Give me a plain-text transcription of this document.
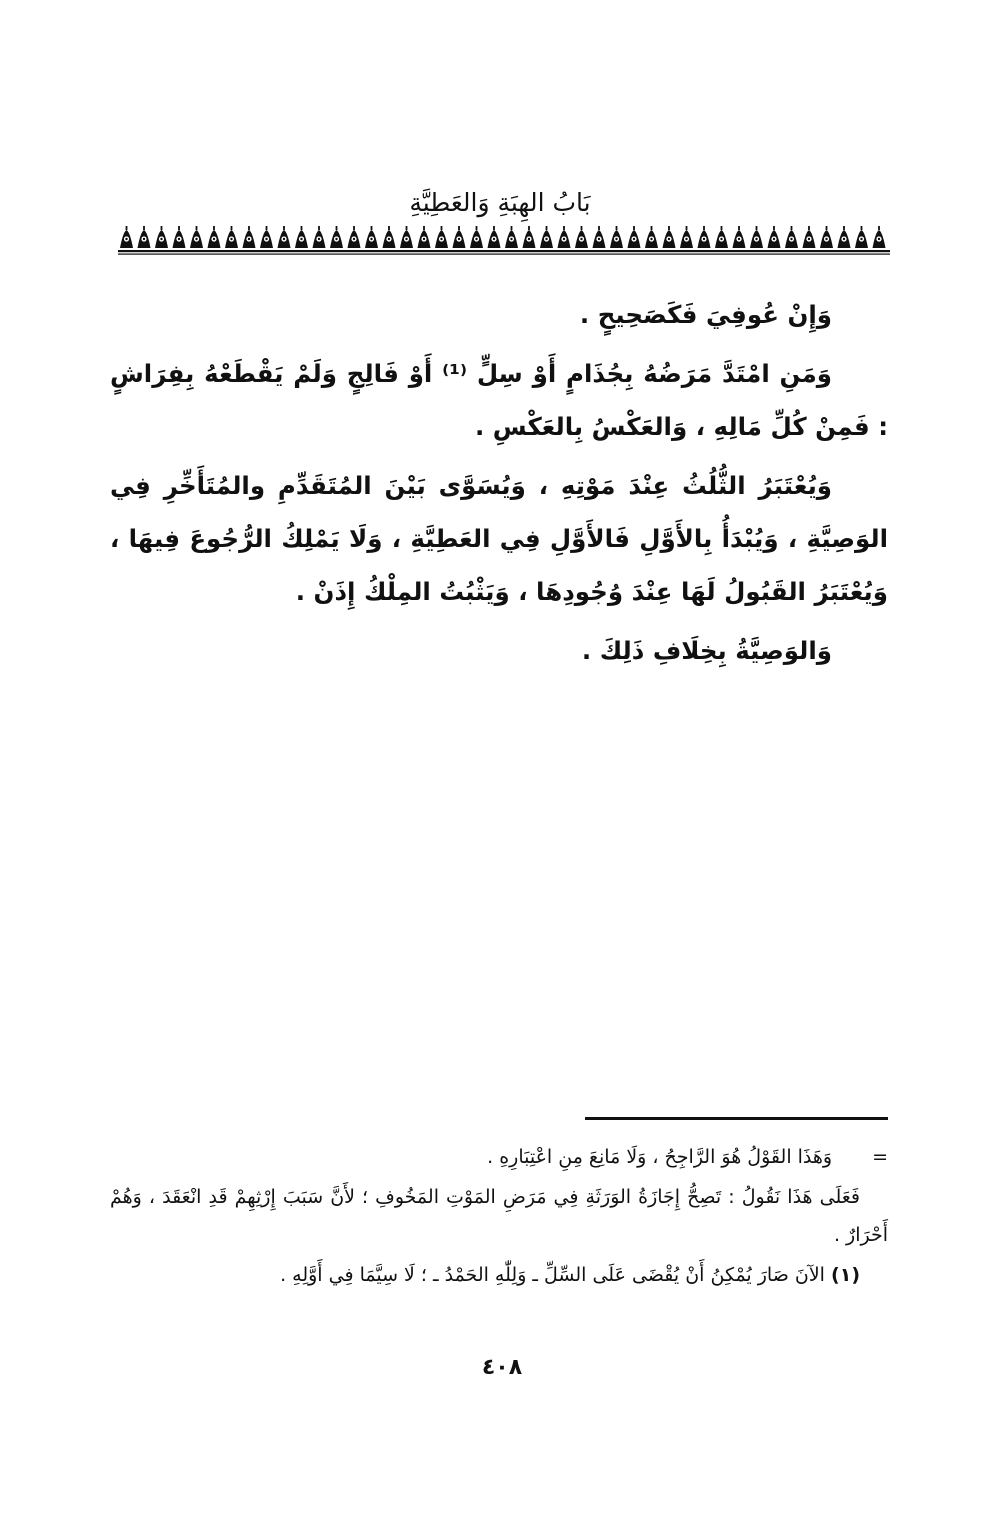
بَابُ الهِبَةِ وَالعَطِيَّةِ

وَإِنْ عُوفِيَ فَكَصَحِيحٍ .

وَمَنِ امْتَدَّ مَرَضُهُ بِجُذَامٍ أَوْ سِلٍّ ⁽¹⁾ أَوْ فَالِجٍ وَلَمْ يَقْطَعْهُ بِفِرَاشٍ : فَمِنْ كُلِّ مَالِهِ ، وَالعَكْسُ بِالعَكْسِ .

وَيُعْتَبَرُ الثُّلُثُ عِنْدَ مَوْتِهِ ، وَيُسَوَّى بَيْنَ المُتَقَدِّمِ والمُتَأَخِّرِ فِي الوَصِيَّةِ ، وَيُبْدَأُ بِالأَوَّلِ فَالأَوَّلِ فِي العَطِيَّةِ ، وَلَا يَمْلِكُ الرُّجُوعَ فِيهَا ، وَيُعْتَبَرُ القَبُولُ لَهَا عِنْدَ وُجُودِهَا ، وَيَثْبُتُ المِلْكُ إِذَنْ .

وَالوَصِيَّةُ بِخِلَافِ ذَلِكَ .

=
وَهَذَا القَوْلُ هُوَ الرَّاجِحُ ، وَلَا مَانِعَ مِنِ اعْتِبَارِهِ .

فَعَلَى هَذَا نَقُولُ : تَصِحُّ إِجَازَةُ الوَرَثَةِ فِي مَرَضِ المَوْتِ المَخُوفِ ؛ لأَنَّ سَبَبَ إِرْثِهِمْ قَدِ انْعَقَدَ ، وَهُمْ أَحْرَارٌ .

(١) الآنَ صَارَ يُمْكِنُ أَنْ يُقْضَى عَلَى السِّلِّ ـ وَلِلّٰهِ الحَمْدُ ـ ؛ لَا سِيَّمَا فِي أَوَّلِهِ .

٤٠٨
